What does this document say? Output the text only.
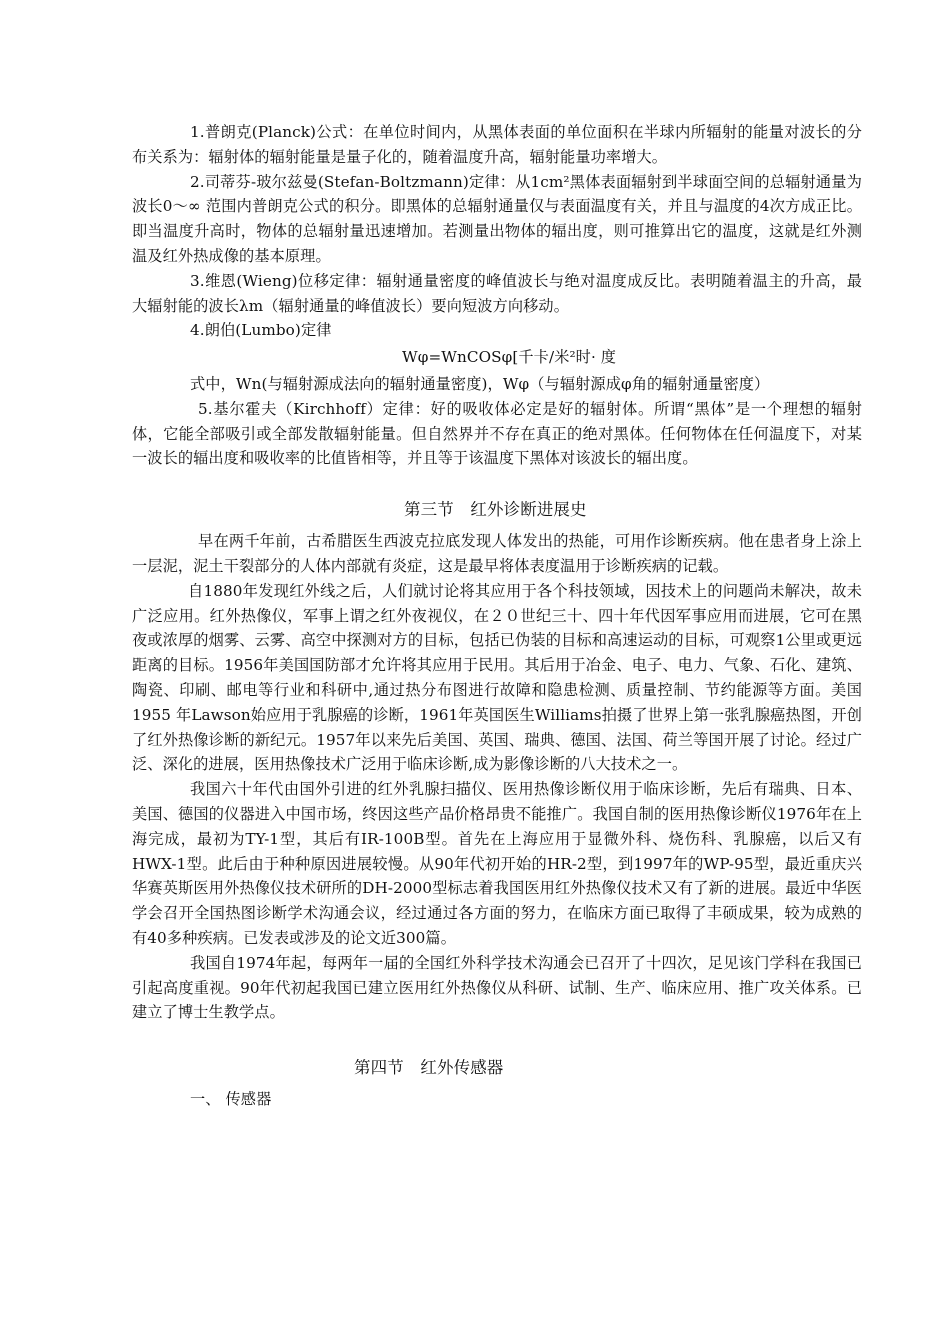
1.普朗克(Planck)公式：在单位时间内，从黑体表面的单位面积在半球内所辐射的能量对波长的分布关系为：辐射体的辐射能量是量子化的，随着温度升高，辐射能量功率增大。

2.司蒂芬-玻尔兹曼(Stefan-Boltzmann)定律：从1cm²黑体表面辐射到半球面空间的总辐射通量为波长0～∞ 范围内普朗克公式的积分。即黑体的总辐射通量仅与表面温度有关，并且与温度的4次方成正比。即当温度升高时，物体的总辐射量迅速增加。若测量出物体的辐出度，则可推算出它的温度，这就是红外测温及红外热成像的基本原理。

3.维恩(Wieng)位移定律：辐射通量密度的峰值波长与绝对温度成反比。表明随着温主的升高，最大辐射能的波长λm（辐射通量的峰值波长）要向短波方向移动。

4.朗伯(Lumbo)定律

Wφ=WnCOSφ[千卡/米²时· 度

式中，Wn(与辐射源成法向的辐射通量密度)，Wφ（与辐射源成φ角的辐射通量密度）

5.基尔霍夫（Kirchhoff）定律：好的吸收体必定是好的辐射体。所谓“黑体”是一个理想的辐射体，它能全部吸引或全部发散辐射能量。但自然界并不存在真正的绝对黑体。任何物体在任何温度下，对某一波长的辐出度和吸收率的比值皆相等，并且等于该温度下黑体对该波长的辐出度。

第三节　红外诊断进展史

早在两千年前，古希腊医生西波克拉底发现人体发出的热能，可用作诊断疾病。他在患者身上涂上一层泥，泥土干裂部分的人体内部就有炎症，这是最早将体表度温用于诊断疾病的记载。

自1880年发现红外线之后，人们就讨论将其应用于各个科技领域，因技术上的问题尚未解决，故未广泛应用。红外热像仪，军事上谓之红外夜视仪，在２０世纪三十、四十年代因军事应用而进展，它可在黑夜或浓厚的烟雾、云雾、高空中探测对方的目标，包括已伪装的目标和高速运动的目标，可观察1公里或更远距离的目标。1956年美国国防部才允许将其应用于民用。其后用于冶金、电子、电力、气象、石化、建筑、陶瓷、印刷、邮电等行业和科研中,通过热分布图进行故障和隐患检测、质量控制、节约能源等方面。美国1955 年Lawson始应用于乳腺癌的诊断，1961年英国医生Williams拍摄了世界上第一张乳腺癌热图，开创了红外热像诊断的新纪元。1957年以来先后美国、英国、瑞典、德国、法国、荷兰等国开展了讨论。经过广泛、深化的进展，医用热像技术广泛用于临床诊断,成为影像诊断的八大技术之一。

我国六十年代由国外引进的红外乳腺扫描仪、医用热像诊断仪用于临床诊断，先后有瑞典、日本、美国、德国的仪器进入中国市场，终因这些产品价格昂贵不能推广。我国自制的医用热像诊断仪1976年在上海完成，最初为TY-1型，其后有IR-100B型。首先在上海应用于显微外科、烧伤科、乳腺癌，以后又有HWX-1型。此后由于种种原因进展较慢。从90年代初开始的HR-2型，到1997年的WP-95型，最近重庆兴华赛英斯医用外热像仪技术研所的DH-2000型标志着我国医用红外热像仪技术又有了新的进展。最近中华医学会召开全国热图诊断学术沟通会议，经过通过各方面的努力，在临床方面已取得了丰硕成果，较为成熟的有40多种疾病。已发表或涉及的论文近300篇。

我国自1974年起，每两年一届的全国红外科学技术沟通会已召开了十四次，足见该门学科在我国已引起高度重视。90年代初起我国已建立医用红外热像仪从科研、试制、生产、临床应用、推广攻关体系。已建立了博士生教学点。

第四节　红外传感器

一、 传感器
